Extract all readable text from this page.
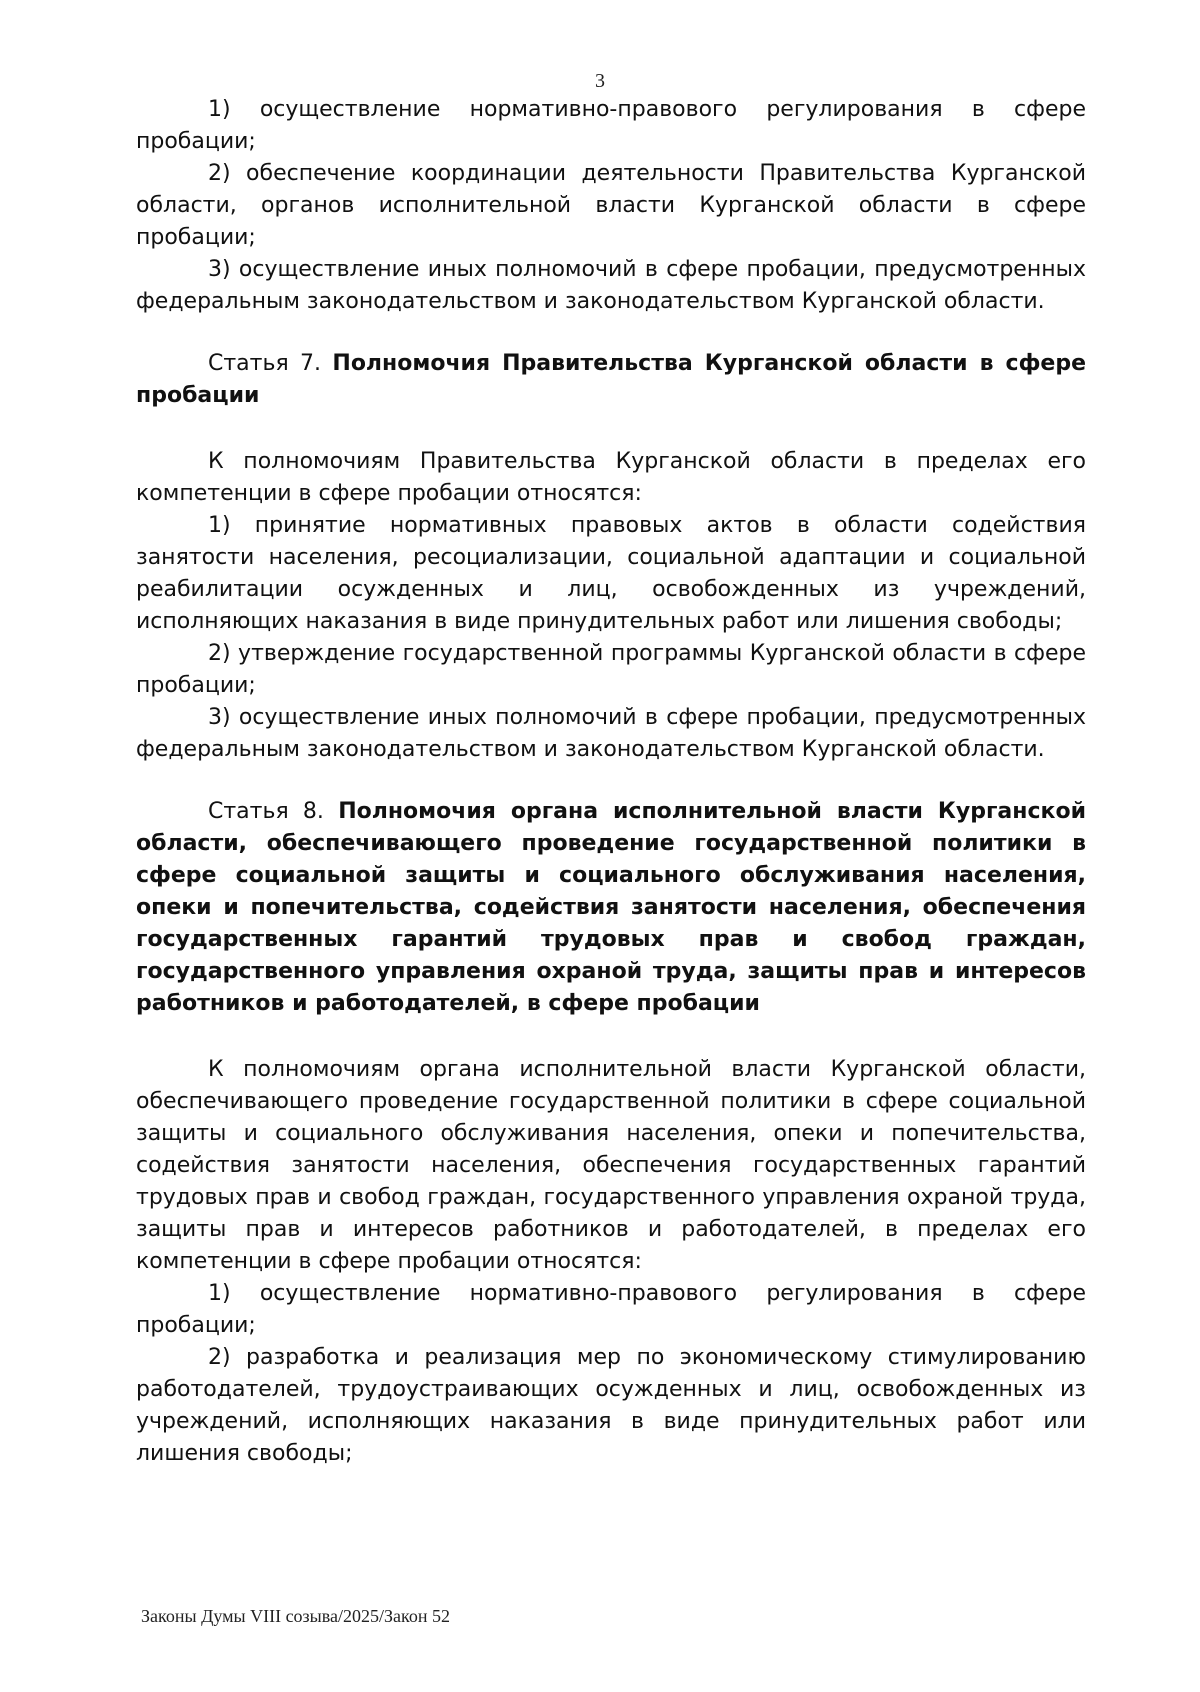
3

1) осуществление нормативно-правового регулирования в сфере пробации;

2) обеспечение координации деятельности Правительства Курганской области, органов исполнительной власти Курганской области в сфере пробации;

3) осуществление иных полномочий в сфере пробации, предусмотренных федеральным законодательством и законодательством Курганской области.

Статья 7. Полномочия Правительства Курганской области в сфере пробации

К полномочиям Правительства Курганской области в пределах его компетенции в сфере пробации относятся:

1) принятие нормативных правовых актов в области содействия занятости населения, ресоциализации, социальной адаптации и социальной реабилитации осужденных и лиц, освобожденных из учреждений, исполняющих наказания в виде принудительных работ или лишения свободы;

2) утверждение государственной программы Курганской области в сфере пробации;

3) осуществление иных полномочий в сфере пробации, предусмотренных федеральным законодательством и законодательством Курганской области.

Статья 8. Полномочия органа исполнительной власти Курганской области, обеспечивающего проведение государственной политики в сфере социальной защиты и социального обслуживания населения, опеки и попечительства, содействия занятости населения, обеспечения государственных гарантий трудовых прав и свобод граждан, государственного управления охраной труда, защиты прав и интересов работников и работодателей, в сфере пробации

К полномочиям органа исполнительной власти Курганской области, обеспечивающего проведение государственной политики в сфере социальной защиты и социального обслуживания населения, опеки и попечительства, содействия занятости населения, обеспечения государственных гарантий трудовых прав и свобод граждан, государственного управления охраной труда, защиты прав и интересов работников и работодателей, в пределах его компетенции в сфере пробации относятся:

1) осуществление нормативно-правового регулирования в сфере пробации;

2) разработка и реализация мер по экономическому стимулированию работодателей, трудоустраивающих осужденных и лиц, освобожденных из учреждений, исполняющих наказания в виде принудительных работ или лишения свободы;

Законы Думы VIII созыва/2025/Закон 52
